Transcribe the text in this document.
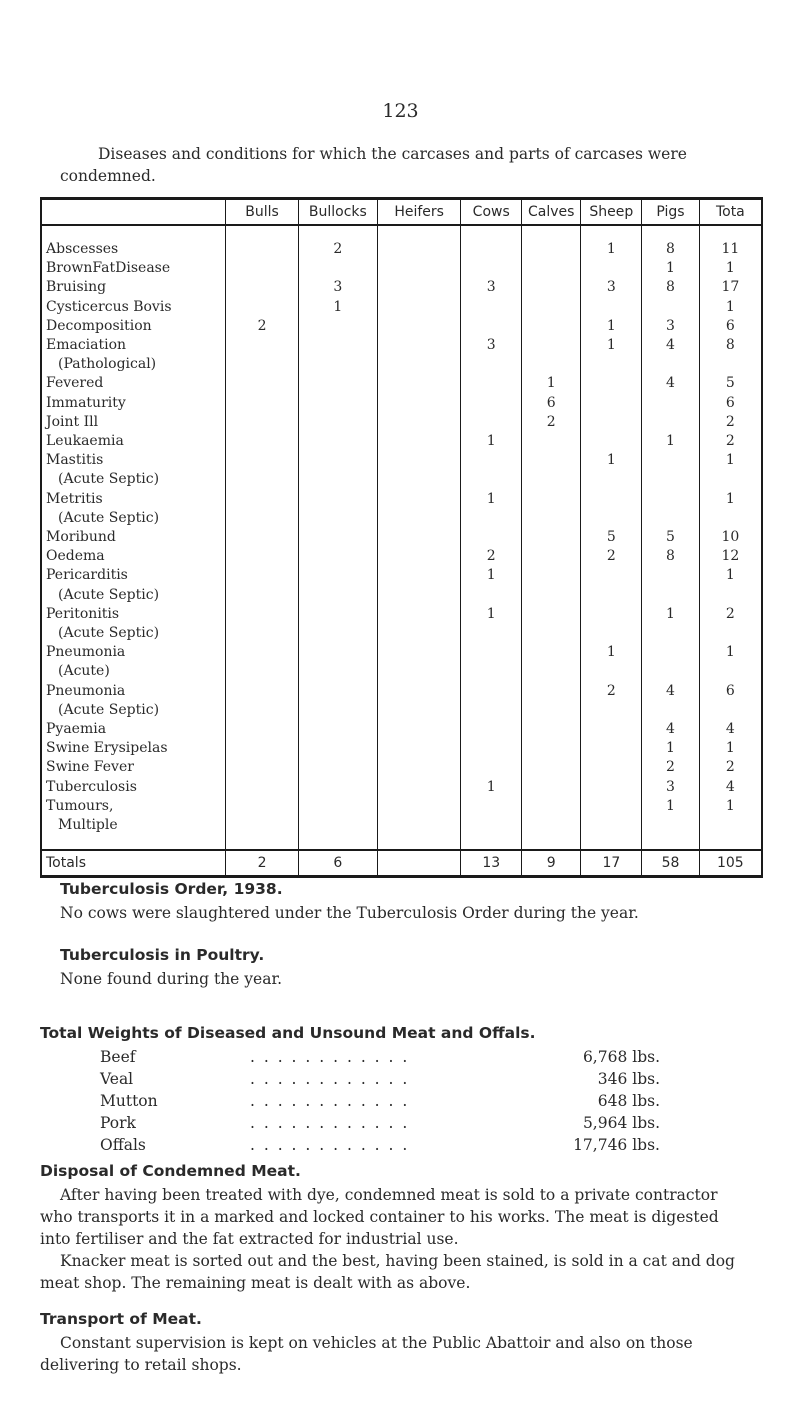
123
Diseases and conditions for which the carcases and parts of carcases were condemned.
	Bulls	Bullocks	Heifers	Cows	Calves	Sheep	Pigs	Tota

Abscesses		2				1	8	11
BrownFatDisease							1	1
Bruising		3		3		3	8	17
Cysticercus Bovis		1						1
Decomposition	2					1	3	6
Emaciation
(Pathological)				3		1	4	8
Fevered					1		4	5
Immaturity					6			6
Joint Ill					2			2
Leukaemia				1			1	2
Mastitis
(Acute Septic)						1		1
Metritis
(Acute Septic)				1				1
Moribund						5	5	10
Oedema				2		2	8	12
Pericarditis
(Acute Septic)				1				1
Peritonitis
(Acute Septic)				1			1	2
Pneumonia
(Acute)						1		1
Pneumonia
(Acute Septic)						2	4	6
Pyaemia							4	4
Swine Erysipelas							1	1
Swine Fever							2	2
Tuberculosis				1			3	4
Tumours,
Multiple							1	1

Totals	2	6		13	9	17	58	105
Tuberculosis Order, 1938.
No cows were slaughtered under the Tuberculosis Order during the year.
Tuberculosis in Poultry.
None found during the year.
Total Weights of Diseased and Unsound Meat and Offals.
Beef	. . . . . . . . . . . .	6,768 lbs.
Veal	. . . . . . . . . . . .	346 lbs.
Mutton	. . . . . . . . . . . .	648 lbs.
Pork	. . . . . . . . . . . .	5,964 lbs.
Offals	. . . . . . . . . . . .	17,746 lbs.
Disposal of Condemned Meat.
After having been treated with dye, condemned meat is sold to a private contractor who transports it in a marked and locked container to his works. The meat is digested into fertiliser and the fat extracted for industrial use.
Knacker meat is sorted out and the best, having been stained, is sold in a cat and dog meat shop. The remaining meat is dealt with as above.
Transport of Meat.
Constant supervision is kept on vehicles at the Public Abattoir and also on those delivering to retail shops.
